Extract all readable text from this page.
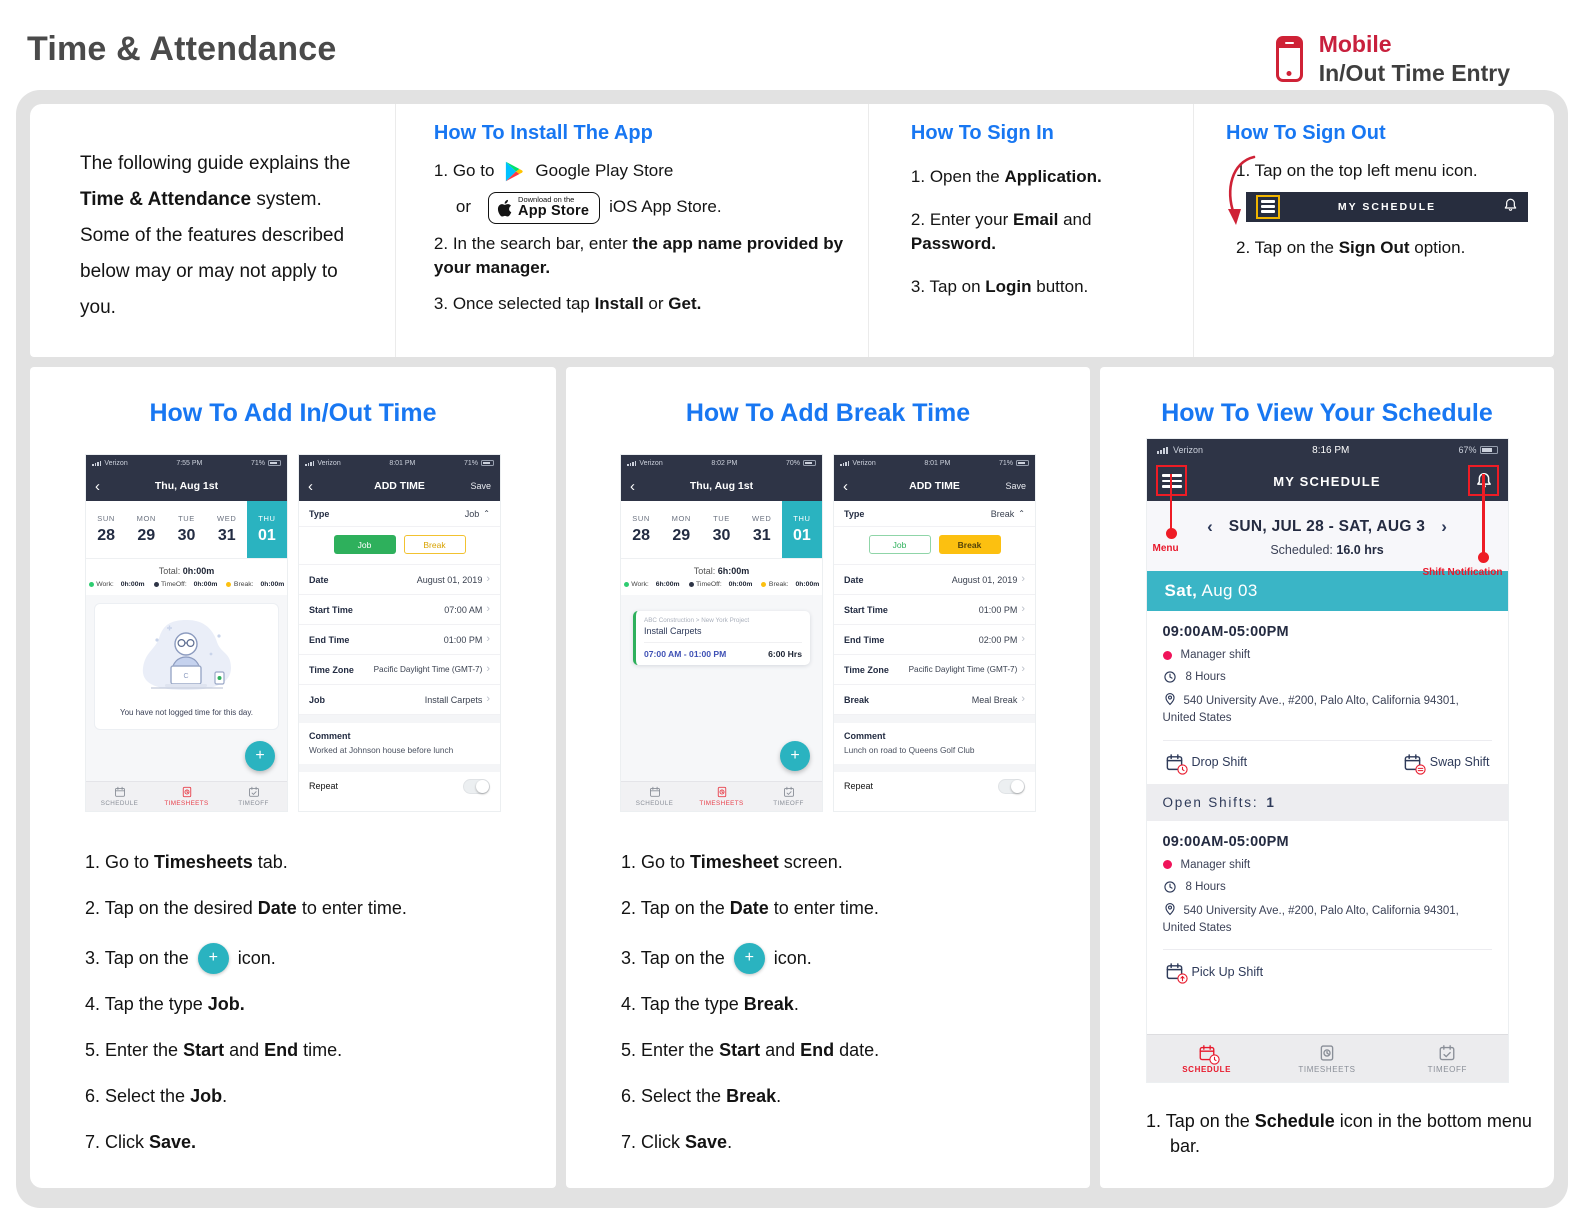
Time & Attendance	Mobile
In/Out Time Entry

The following guide explains the Time & Attendance system. Some of the features described below may or may not apply to you.

How To Install The App
1. Go to Google Play Store
or	Download on the
App Store iOS App Store.
2. In the search bar, enter the app name provided by your manager.
3. Once selected tap Install or Get.
How To Sign In
1. Open the Application.
2. Enter your Email and Password.
3. Tap on Login button.
How To Sign Out
1. Tap on the top left menu icon.
MY SCHEDULE
2. Tap on the Sign Out option.
How To Add In/Out Time
Verizon	7:55 PM	71%
‹	Thu, Aug 1st
SUN
28
MON
29
TUE
30
WED
31
THU
01
Total: 0h:00m
Work:
0h:00m TimeOff:
0h:00m Break:
0h:00m
C
You have not logged time for this day.
+
SCHEDULE	TIMESHEETS	TIMEOFF
Verizon	8:01 PM	71%
‹	ADD TIME	Save
Type	Job ⌃
Job	Break
Date	August 01, 2019 ›
Start Time	07:00 AM ›
End Time	01:00 PM ›
Time Zone Pacific Daylight Time (GMT-7) ›
Job	Install Carpets ›
Comment
Worked at Johnson house before lunch
Repeat
1. Go to Timesheets tab.
2. Tap on the desired Date to enter time.
3. Tap on the	+	icon.
4. Tap the type Job.
5. Enter the Start and End time.
6. Select the Job.
7. Click Save.
How To Add Break Time
Verizon	8:02 PM	70%
‹	Thu, Aug 1st
SUN
28
MON
29
TUE
30
WED
31
THU
01
Total: 6h:00m
Work:
6h:00m TimeOff:
0h:00m Break:
0h:00m
ABC Construction > New York Project
Install Carpets
07:00 AM - 01:00 PM	6:00 Hrs
+
SCHEDULE	TIMESHEETS	TIMEOFF
Verizon	8:01 PM	71%
‹	ADD TIME	Save
Type	Break ⌃
Job	Break
Date	August 01, 2019 ›
Start Time	01:00 PM ›
End Time	02:00 PM ›
Time Zone Pacific Daylight Time (GMT-7) ›
Break	Meal Break ›
Comment
Lunch on road to Queens Golf Club
Repeat
1. Go to Timesheet screen.
2. Tap on the Date to enter time.
3. Tap on the	+	icon.
4. Tap the type Break.
5. Enter the Start and End date.
6. Select the Break.
7. Click Save.
How To View Your Schedule

Verizon	8:16 PM	67%
MY SCHEDULE
Menu
Shift Notification
‹ SUN, JUL 28 - SAT, AUG 3 ›
Scheduled: 16.0 hrs
Sat, Aug 03
09:00AM-05:00PM
Manager shift
8 Hours
540 University Ave., #200, Palo Alto, California 94301, United States
Drop Shift	Swap Shift
Open Shifts: 1
09:00AM-05:00PM
Manager shift
8 Hours
540 University Ave., #200, Palo Alto, California 94301, United States
Pick Up Shift
SCHEDULE	TIMESHEETS	TIMEOFF
1. Tap on the Schedule icon in the bottom menu bar.
